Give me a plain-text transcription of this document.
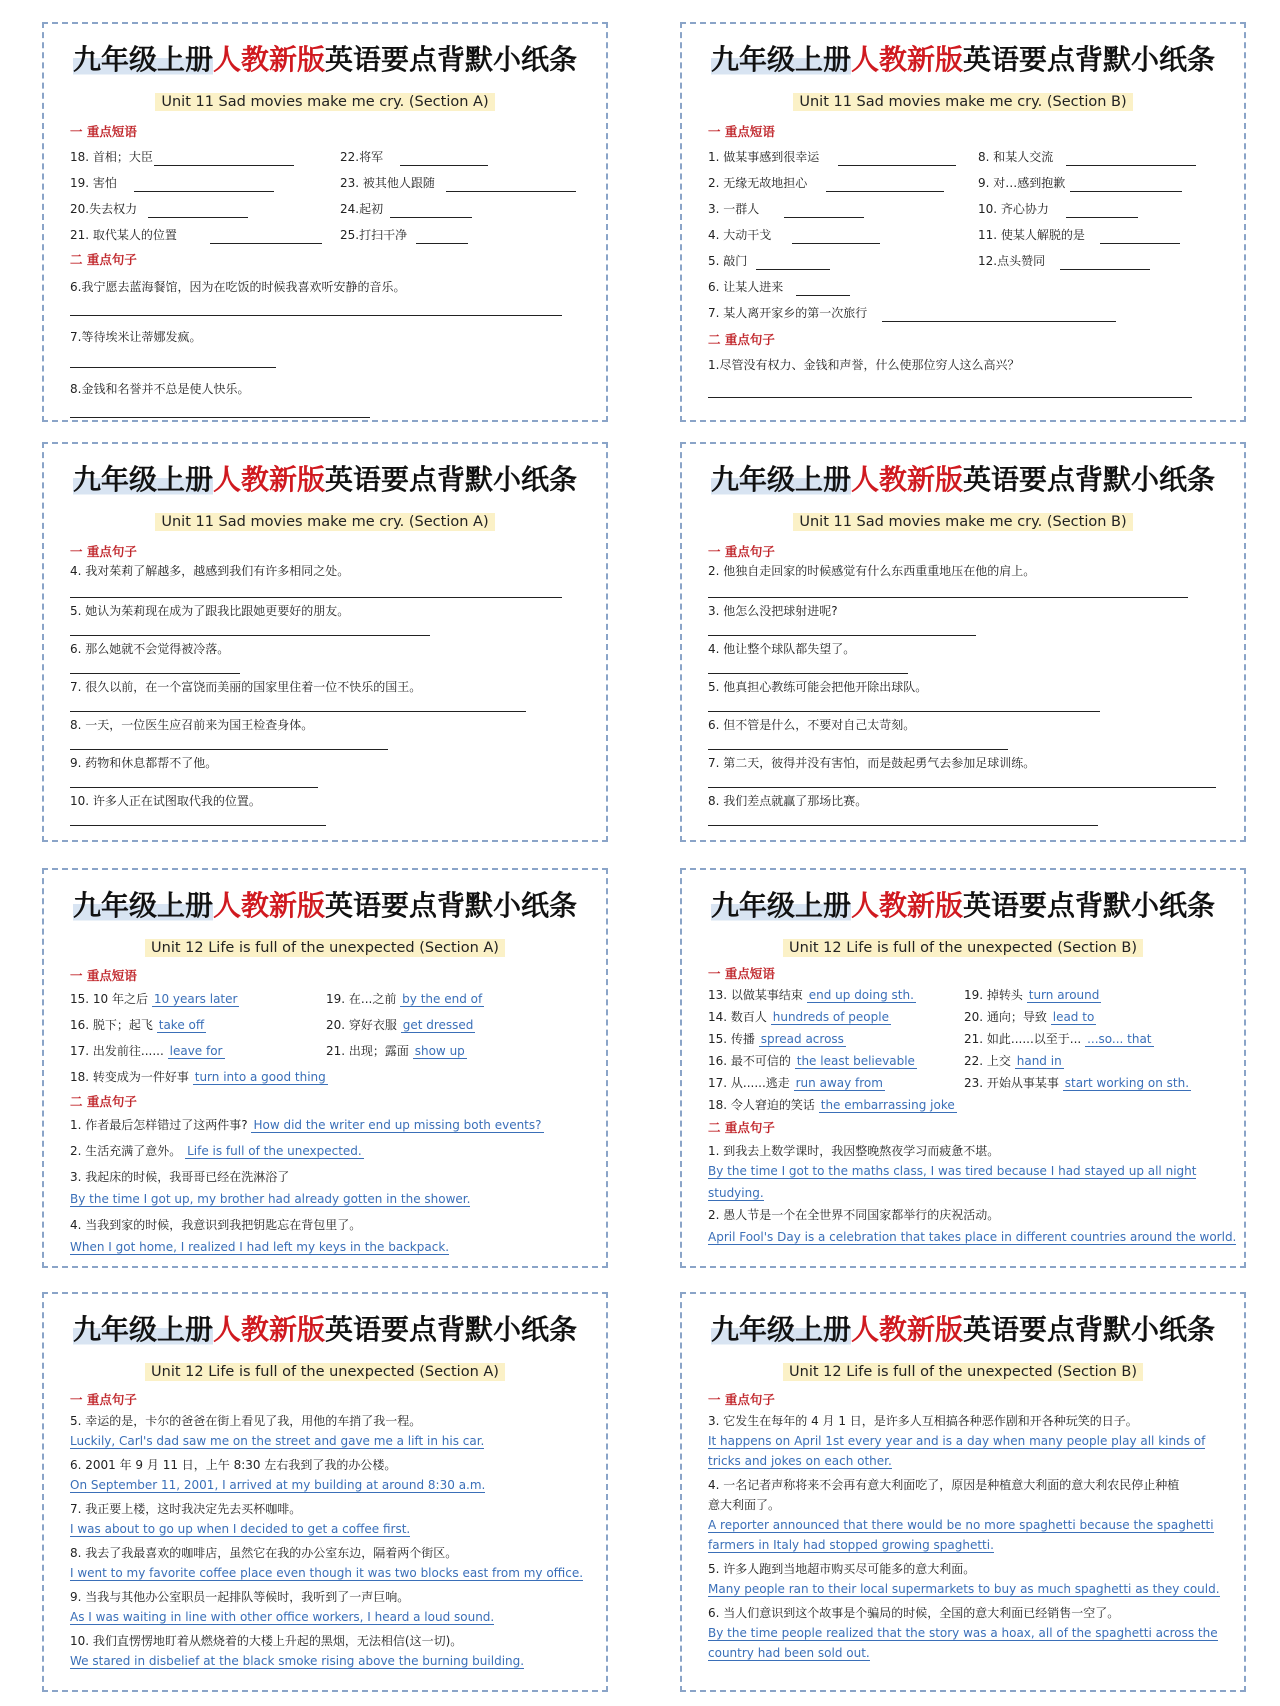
九年级上册人教新版英语要点背默小纸条
Unit 11 Sad movies make me cry. (Section A)
一 重点短语
18. 首相；大臣	22.将军
19. 害怕	23. 被其他人跟随
20.失去权力	24.起初
21. 取代某人的位置	25.打扫干净
二 重点句子
6.我宁愿去蓝海餐馆，因为在吃饭的时候我喜欢听安静的音乐。
7.等待埃米让蒂娜发疯。
8.金钱和名誉并不总是使人快乐。
九年级上册人教新版英语要点背默小纸条
Unit 11 Sad movies make me cry. (Section B)
一 重点短语
1. 做某事感到很幸运	8. 和某人交流
2. 无缘无故地担心	9. 对…感到抱歉
3. 一群人	10. 齐心协力
4. 大动干戈	11. 使某人解脱的是
5. 敲门	12.点头赞同
6. 让某人进来
7. 某人离开家乡的第一次旅行
二 重点句子
1.尽管没有权力、金钱和声誉，什么使那位穷人这么高兴？
九年级上册人教新版英语要点背默小纸条
Unit 11 Sad movies make me cry. (Section A)
一 重点句子
4. 我对茱莉了解越多，越感到我们有许多相同之处。
5. 她认为茱莉现在成为了跟我比跟她更要好的朋友。
6. 那么她就不会觉得被冷落。
7. 很久以前，在一个富饶而美丽的国家里住着一位不快乐的国王。
8. 一天，一位医生应召前来为国王检查身体。
9. 药物和休息都帮不了他。
10. 许多人正在试图取代我的位置。
九年级上册人教新版英语要点背默小纸条
Unit 11 Sad movies make me cry. (Section B)
一 重点句子
2. 他独自走回家的时候感觉有什么东西重重地压在他的肩上。
3. 他怎么没把球射进呢?
4. 他让整个球队都失望了。
5. 他真担心教练可能会把他开除出球队。
6. 但不管是什么，不要对自己太苛刻。
7. 第二天，彼得并没有害怕，而是鼓起勇气去参加足球训练。
8. 我们差点就赢了那场比赛。
九年级上册人教新版英语要点背默小纸条
Unit 12 Life is full of the unexpected (Section A)
一 重点短语
15. 10 年之后 10 years later	19. 在...之前 by the end of
16. 脱下；起飞 take off	20. 穿好衣服 get dressed
17. 出发前往...... leave for	21. 出现；露面 show up
18. 转变成为一件好事 turn into a good thing
二 重点句子
1. 作者最后怎样错过了这两件事? How did the writer end up missing both events?
2. 生活充满了意外。 Life is full of the unexpected.
3. 我起床的时候，我哥哥已经在洗淋浴了
By the time I got up, my brother had already gotten in the shower.
4. 当我到家的时候，我意识到我把钥匙忘在背包里了。
When I got home, I realized I had left my keys in the backpack.
九年级上册人教新版英语要点背默小纸条
Unit 12 Life is full of the unexpected (Section B)
一 重点短语
13. 以做某事结束 end up doing sth.	19. 掉转头 turn around
14. 数百人 hundreds of people	20. 通向；导致 lead to
15. 传播 spread across	21. 如此......以至于... ...so... that
16. 最不可信的 the least believable	22. 上交 hand in
17. 从......逃走 run away from	23. 开始从事某事 start working on sth.
18. 令人窘迫的笑话 the embarrassing joke
二 重点句子
1. 到我去上数学课时，我因整晚熬夜学习而疲惫不堪。
By the time I got to the maths class, I was tired because I had stayed up all night
studying.
2. 愚人节是一个在全世界不同国家都举行的庆祝活动。
April Fool's Day is a celebration that takes place in different countries around the world.
九年级上册人教新版英语要点背默小纸条
Unit 12 Life is full of the unexpected (Section A)
一 重点句子
5. 幸运的是，卡尔的爸爸在街上看见了我，用他的车捎了我一程。
Luckily, Carl's dad saw me on the street and gave me a lift in his car.
6. 2001 年 9 月 11 日，上午 8:30 左右我到了我的办公楼。
On September 11, 2001, I arrived at my building at around 8:30 a.m.
7. 我正要上楼，这时我决定先去买杯咖啡。
I was about to go up when I decided to get a coffee first.
8. 我去了我最喜欢的咖啡店，虽然它在我的办公室东边，隔着两个街区。
I went to my favorite coffee place even though it was two blocks east from my office.
9. 当我与其他办公室职员一起排队等候时，我听到了一声巨响。
As I was waiting in line with other office workers, I heard a loud sound.
10. 我们直愣愣地盯着从燃烧着的大楼上升起的黑烟，无法相信(这一切)。
We stared in disbelief at the black smoke rising above the burning building.
九年级上册人教新版英语要点背默小纸条
Unit 12 Life is full of the unexpected (Section B)
一 重点句子
3. 它发生在每年的 4 月 1 日，是许多人互相搞各种恶作剧和开各种玩笑的日子。
It happens on April 1st every year and is a day when many people play all kinds of
tricks and jokes on each other.
4. 一名记者声称将来不会再有意大利面吃了，原因是种植意大利面的意大利农民停止种植
意大利面了。
A reporter announced that there would be no more spaghetti because the spaghetti
farmers in Italy had stopped growing spaghetti.
5. 许多人跑到当地超市购买尽可能多的意大利面。
Many people ran to their local supermarkets to buy as much spaghetti as they could.
6. 当人们意识到这个故事是个骗局的时候，全国的意大利面已经销售一空了。
By the time people realized that the story was a hoax, all of the spaghetti across the
country had been sold out.
